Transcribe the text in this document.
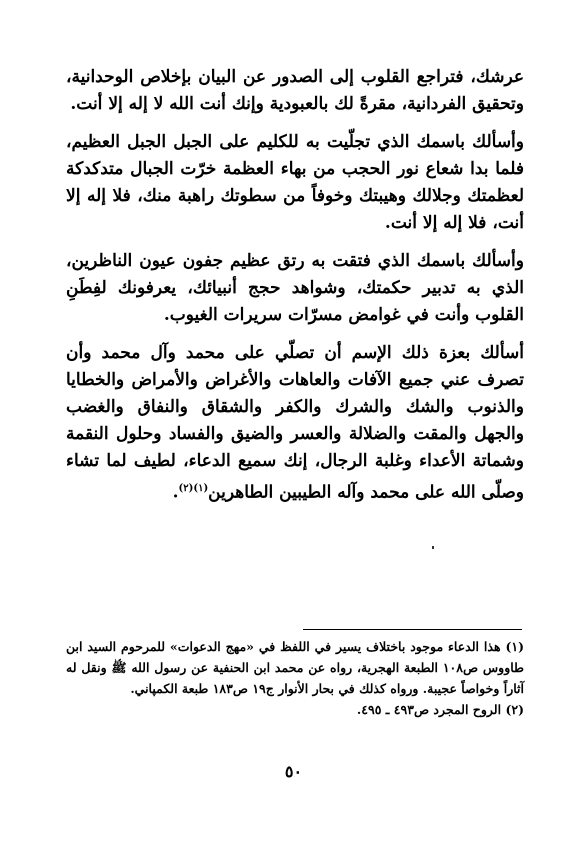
عرشك، فتراجع القلوب إلى الصدور عن البيان بإخلاص الوحدانية، وتحقيق الفردانية، مقرةً لك بالعبودية وإنك أنت الله لا إله إلا أنت.

وأسألك باسمك الذي تجلّيت به للكليم على الجبل الجبل العظيم، فلما بدا شعاع نور الحجب من بهاء العظمة خرّت الجبال متدكدكة لعظمتك وجلالك وهيبتك وخوفاً من سطوتك راهبة منك، فلا إله إلا أنت، فلا إله إلا أنت.

وأسألك باسمك الذي فتقت به رتق عظيم جفون عيون الناظرين، الذي به تدبير حكمتك، وشواهد حجج أنبيائك، يعرفونك لفِطَنِ القلوب وأنت في غوامض مسرّات سريرات الغيوب.

أسألك بعزة ذلك الإسم أن تصلّي على محمد وآل محمد وأن تصرف عني جميع الآفات والعاهات والأغراض والأمراض والخطايا والذنوب والشك والشرك والكفر والشقاق والنفاق والغضب والجهل والمقت والضلالة والعسر والضيق والفساد وحلول النقمة وشماتة الأعداء وغلبة الرجال، إنك سميع الدعاء، لطيف لما تشاء وصلّى الله على محمد وآله الطيبين الطاهرين$^{(١)(٢)}$.

(١) هذا الدعاء موجود باختلاف يسير في اللفظ في «مهج الدعوات» للمرحوم السيد ابن طاووس ص١٠٨ الطبعة الهجرية، رواه عن محمد ابن الحنفية عن رسول الله ﷺ ونقل له آثاراً وخواصاً عجيبة. ورواه كذلك في بحار الأنوار ج١٩ ص١٨٣ طبعة الكمپاني.

(٢) الروح المجرد ص٤٩٣ ـ ٤٩٥.

٥٠
